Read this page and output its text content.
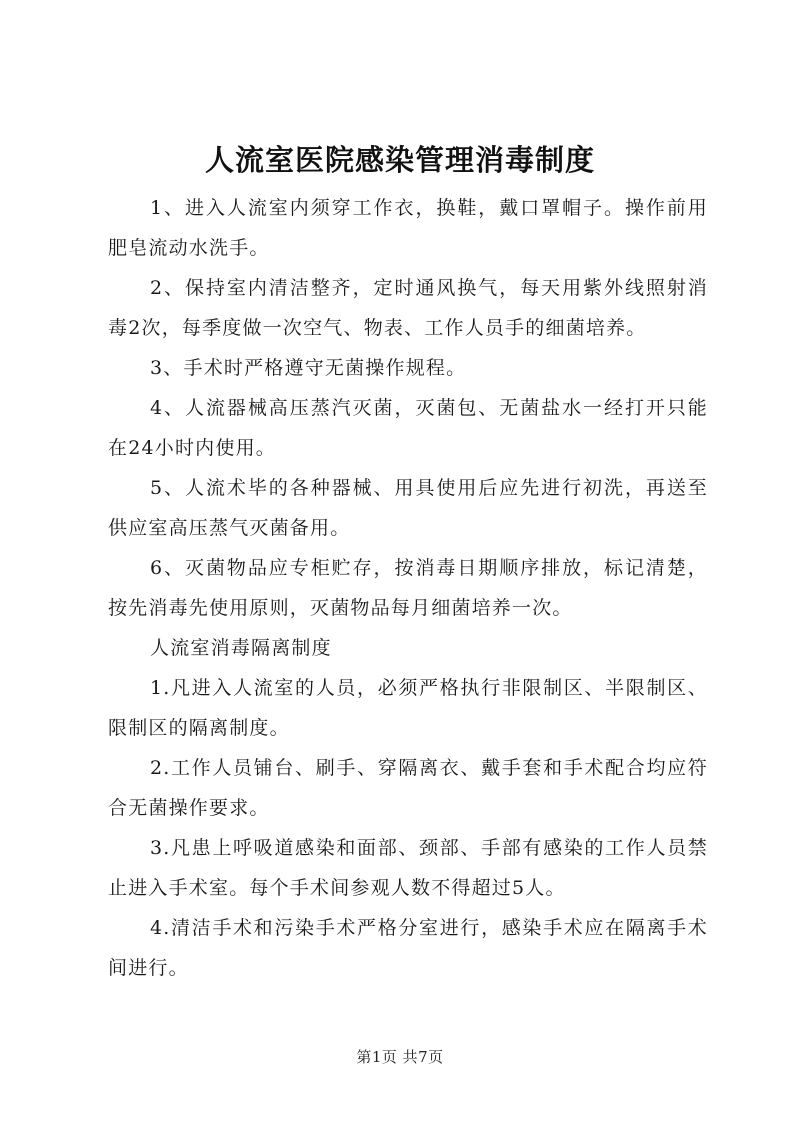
人流室医院感染管理消毒制度

1、进入人流室内须穿工作衣，换鞋，戴口罩帽子。操作前用肥皂流动水洗手。

2、保持室内清洁整齐，定时通风换气，每天用紫外线照射消毒2次，每季度做一次空气、物表、工作人员手的细菌培养。

3、手术时严格遵守无菌操作规程。

4、人流器械高压蒸汽灭菌，灭菌包、无菌盐水一经打开只能在24小时内使用。

5、人流术毕的各种器械、用具使用后应先进行初洗，再送至供应室高压蒸气灭菌备用。

6、灭菌物品应专柜贮存，按消毒日期顺序排放，标记清楚，按先消毒先使用原则，灭菌物品每月细菌培养一次。

人流室消毒隔离制度

1.凡进入人流室的人员，必须严格执行非限制区、半限制区、限制区的隔离制度。

2.工作人员铺台、刷手、穿隔离衣、戴手套和手术配合均应符合无菌操作要求。

3.凡患上呼吸道感染和面部、颈部、手部有感染的工作人员禁止进入手术室。每个手术间参观人数不得超过5人。

4.清洁手术和污染手术严格分室进行，感染手术应在隔离手术间进行。

第1页 共7页
